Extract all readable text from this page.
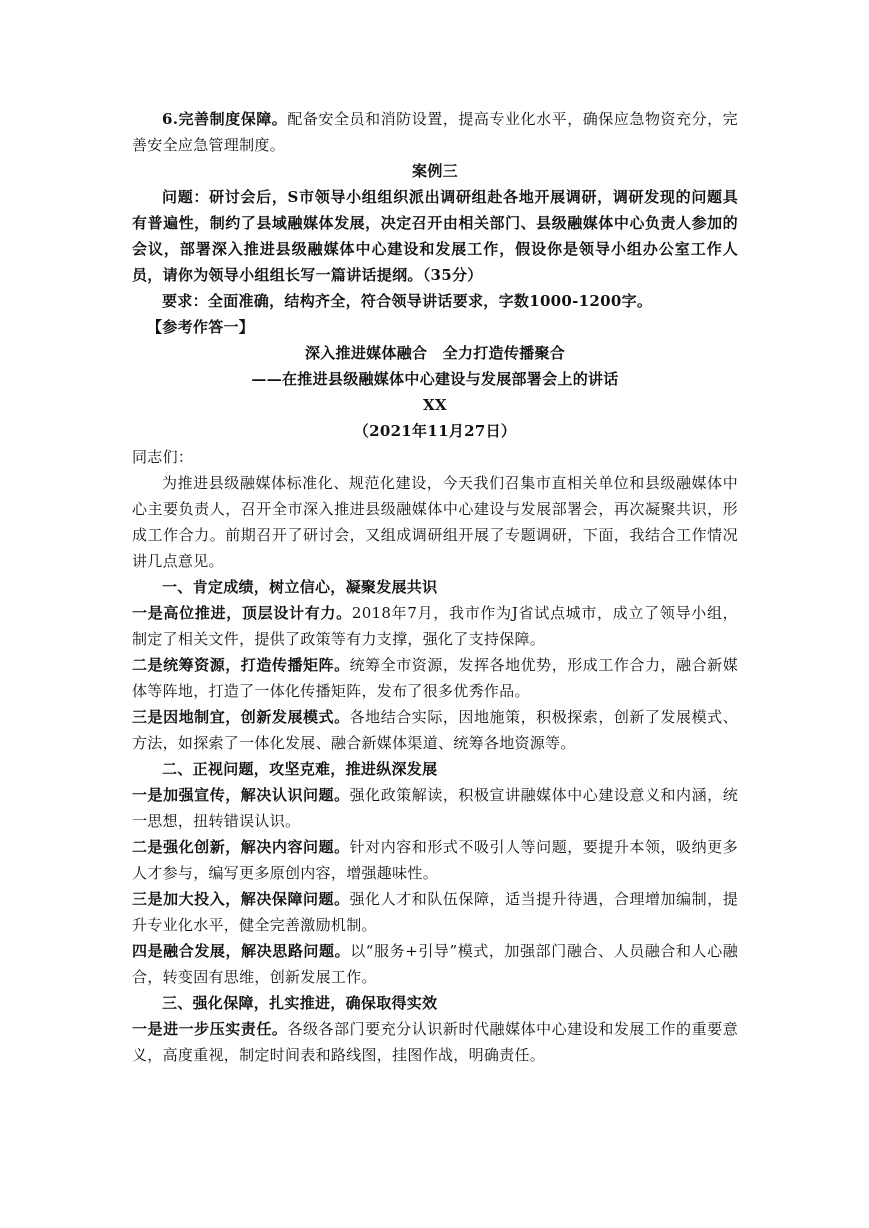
6.完善制度保障。配备安全员和消防设置，提高专业化水平，确保应急物资充分，完善安全应急管理制度。

案例三

问题：研讨会后，S市领导小组组织派出调研组赴各地开展调研，调研发现的问题具有普遍性，制约了县域融媒体发展，决定召开由相关部门、县级融媒体中心负责人参加的会议，部署深入推进县级融媒体中心建设和发展工作，假设你是领导小组办公室工作人员，请你为领导小组组长写一篇讲话提纲。（35分）

要求：全面准确，结构齐全，符合领导讲话要求，字数1000-1200字。

【参考作答一】

深入推进媒体融合　全力打造传播聚合

——在推进县级融媒体中心建设与发展部署会上的讲话

XX

（2021年11月27日）

同志们：

为推进县级融媒体标准化、规范化建设，今天我们召集市直相关单位和县级融媒体中心主要负责人，召开全市深入推进县级融媒体中心建设与发展部署会，再次凝聚共识，形成工作合力。前期召开了研讨会，又组成调研组开展了专题调研，下面，我结合工作情况讲几点意见。

一、肯定成绩，树立信心，凝聚发展共识

一是高位推进，顶层设计有力。2018年7月，我市作为J省试点城市，成立了领导小组，制定了相关文件，提供了政策等有力支撑，强化了支持保障。

二是统筹资源，打造传播矩阵。统筹全市资源，发挥各地优势，形成工作合力，融合新媒体等阵地，打造了一体化传播矩阵，发布了很多优秀作品。

三是因地制宜，创新发展模式。各地结合实际，因地施策，积极探索，创新了发展模式、方法，如探索了一体化发展、融合新媒体渠道、统筹各地资源等。

二、正视问题，攻坚克难，推进纵深发展

一是加强宣传，解决认识问题。强化政策解读，积极宣讲融媒体中心建设意义和内涵，统一思想，扭转错误认识。

二是强化创新，解决内容问题。针对内容和形式不吸引人等问题，要提升本领，吸纳更多人才参与，编写更多原创内容，增强趣味性。

三是加大投入，解决保障问题。强化人才和队伍保障，适当提升待遇，合理增加编制，提升专业化水平，健全完善激励机制。

四是融合发展，解决思路问题。以“服务+引导”模式，加强部门融合、人员融合和人心融合，转变固有思维，创新发展工作。

三、强化保障，扎实推进，确保取得实效

一是进一步压实责任。各级各部门要充分认识新时代融媒体中心建设和发展工作的重要意义，高度重视，制定时间表和路线图，挂图作战，明确责任。
